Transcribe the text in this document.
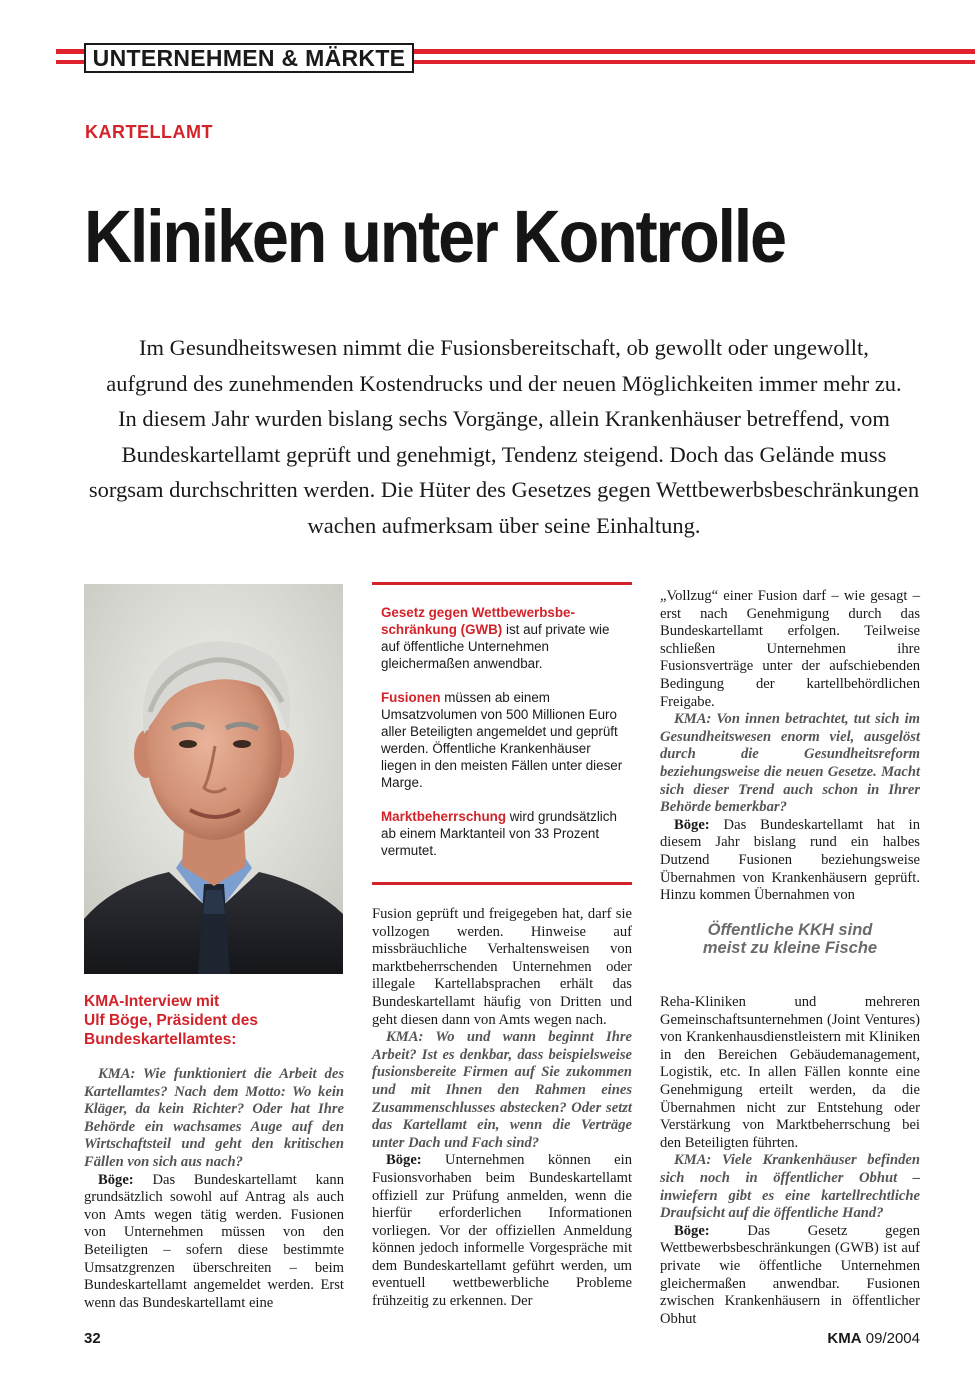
UNTERNEHMEN & MÄRKTE
KARTELLAMT
Kliniken unter Kontrolle
Im Gesundheitswesen nimmt die Fusionsbereitschaft, ob gewollt oder ungewollt,
aufgrund des zunehmenden Kostendrucks und der neuen Möglichkeiten immer mehr zu.
In diesem Jahr wurden bislang sechs Vorgänge, allein Krankenhäuser betreffend, vom
Bundeskartellamt geprüft und genehmigt, Tendenz steigend. Doch das Gelände muss
sorgsam durchschritten werden. Die Hüter des Gesetzes gegen Wettbewerbsbeschränkungen
wachen aufmerksam über seine Einhaltung.
KMA-Interview mit
Ulf Böge, Präsident des
Bundeskartellamtes:

KMA: Wie funktioniert die Arbeit des Kartellamtes? Nach dem Motto: Wo kein Kläger, da kein Richter? Oder hat Ihre Behörde ein wachsames Auge auf den Wirtschaftsteil und geht den kritischen Fällen von sich aus nach?

Böge: Das Bundeskartellamt kann grundsätzlich sowohl auf Antrag als auch von Amts wegen tätig werden. Fusionen von Unternehmen müssen von den Beteiligten – sofern diese bestimmte Umsatzgrenzen überschreiten – beim Bundeskartellamt angemeldet werden. Erst wenn das Bundeskartellamt eine

Gesetz gegen Wettbewerbsbe-schränkung (GWB) ist auf private wie auf öffentliche Unternehmen gleichermaßen anwendbar.

Fusionen müssen ab einem Umsatzvolumen von 500 Millionen Euro aller Beteiligten angemeldet und geprüft werden. Öffentliche Krankenhäuser liegen in den meisten Fällen unter dieser Marge.

Marktbeherrschung wird grundsätzlich ab einem Marktanteil von 33 Prozent vermutet.

Fusion geprüft und freigegeben hat, darf sie vollzogen werden. Hinweise auf missbräuchliche Verhaltensweisen von marktbeherrschenden Unternehmen oder illegale Kartellabsprachen erhält das Bundeskartellamt häufig von Dritten und geht diesen dann von Amts wegen nach.

KMA: Wo und wann beginnt Ihre Arbeit? Ist es denkbar, dass beispielsweise fusionsbereite Firmen auf Sie zukommen und mit Ihnen den Rahmen eines Zusammenschlusses abstecken? Oder setzt das Kartellamt ein, wenn die Verträge unter Dach und Fach sind?

Böge: Unternehmen können ein Fusionsvorhaben beim Bundeskartellamt offiziell zur Prüfung anmelden, wenn die hierfür erforderlichen Informationen vorliegen. Vor der offiziellen Anmeldung können jedoch informelle Vorgespräche mit dem Bundeskartellamt geführt werden, um eventuell wettbewerbliche Probleme frühzeitig zu erkennen. Der

„Vollzug“ einer Fusion darf – wie gesagt – erst nach Genehmigung durch das Bundeskartellamt erfolgen. Teilweise schließen Unternehmen ihre Fusionsverträge unter der aufschiebenden Bedingung der kartellbehördlichen Freigabe.

KMA: Von innen betrachtet, tut sich im Gesundheitswesen enorm viel, ausgelöst durch die Gesundheitsreform beziehungsweise die neuen Gesetze. Macht sich dieser Trend auch schon in Ihrer Behörde bemerkbar?

Böge: Das Bundeskartellamt hat in diesem Jahr bislang rund ein halbes Dutzend Fusionen beziehungsweise Übernahmen von Krankenhäusern geprüft. Hinzu kommen Übernahmen von

Öffentliche KKH sind
meist zu kleine Fische

Reha-Kliniken und mehreren Gemeinschaftsunternehmen (Joint Ventures) von Krankenhausdienstleistern mit Kliniken in den Bereichen Gebäudemanagement, Logistik, etc. In allen Fällen konnte eine Genehmigung erteilt werden, da die Übernahmen nicht zur Entstehung oder Verstärkung von Marktbeherrschung bei den Beteiligten führten.

KMA: Viele Krankenhäuser befinden sich noch in öffentlicher Obhut – inwiefern gibt es eine kartellrechtliche Draufsicht auf die öffentliche Hand?

Böge: Das Gesetz gegen Wettbewerbsbeschränkungen (GWB) ist auf private wie öffentliche Unternehmen gleichermaßen anwendbar. Fusionen zwischen Krankenhäusern in öffentlicher Obhut

32	KMA 09/2004
